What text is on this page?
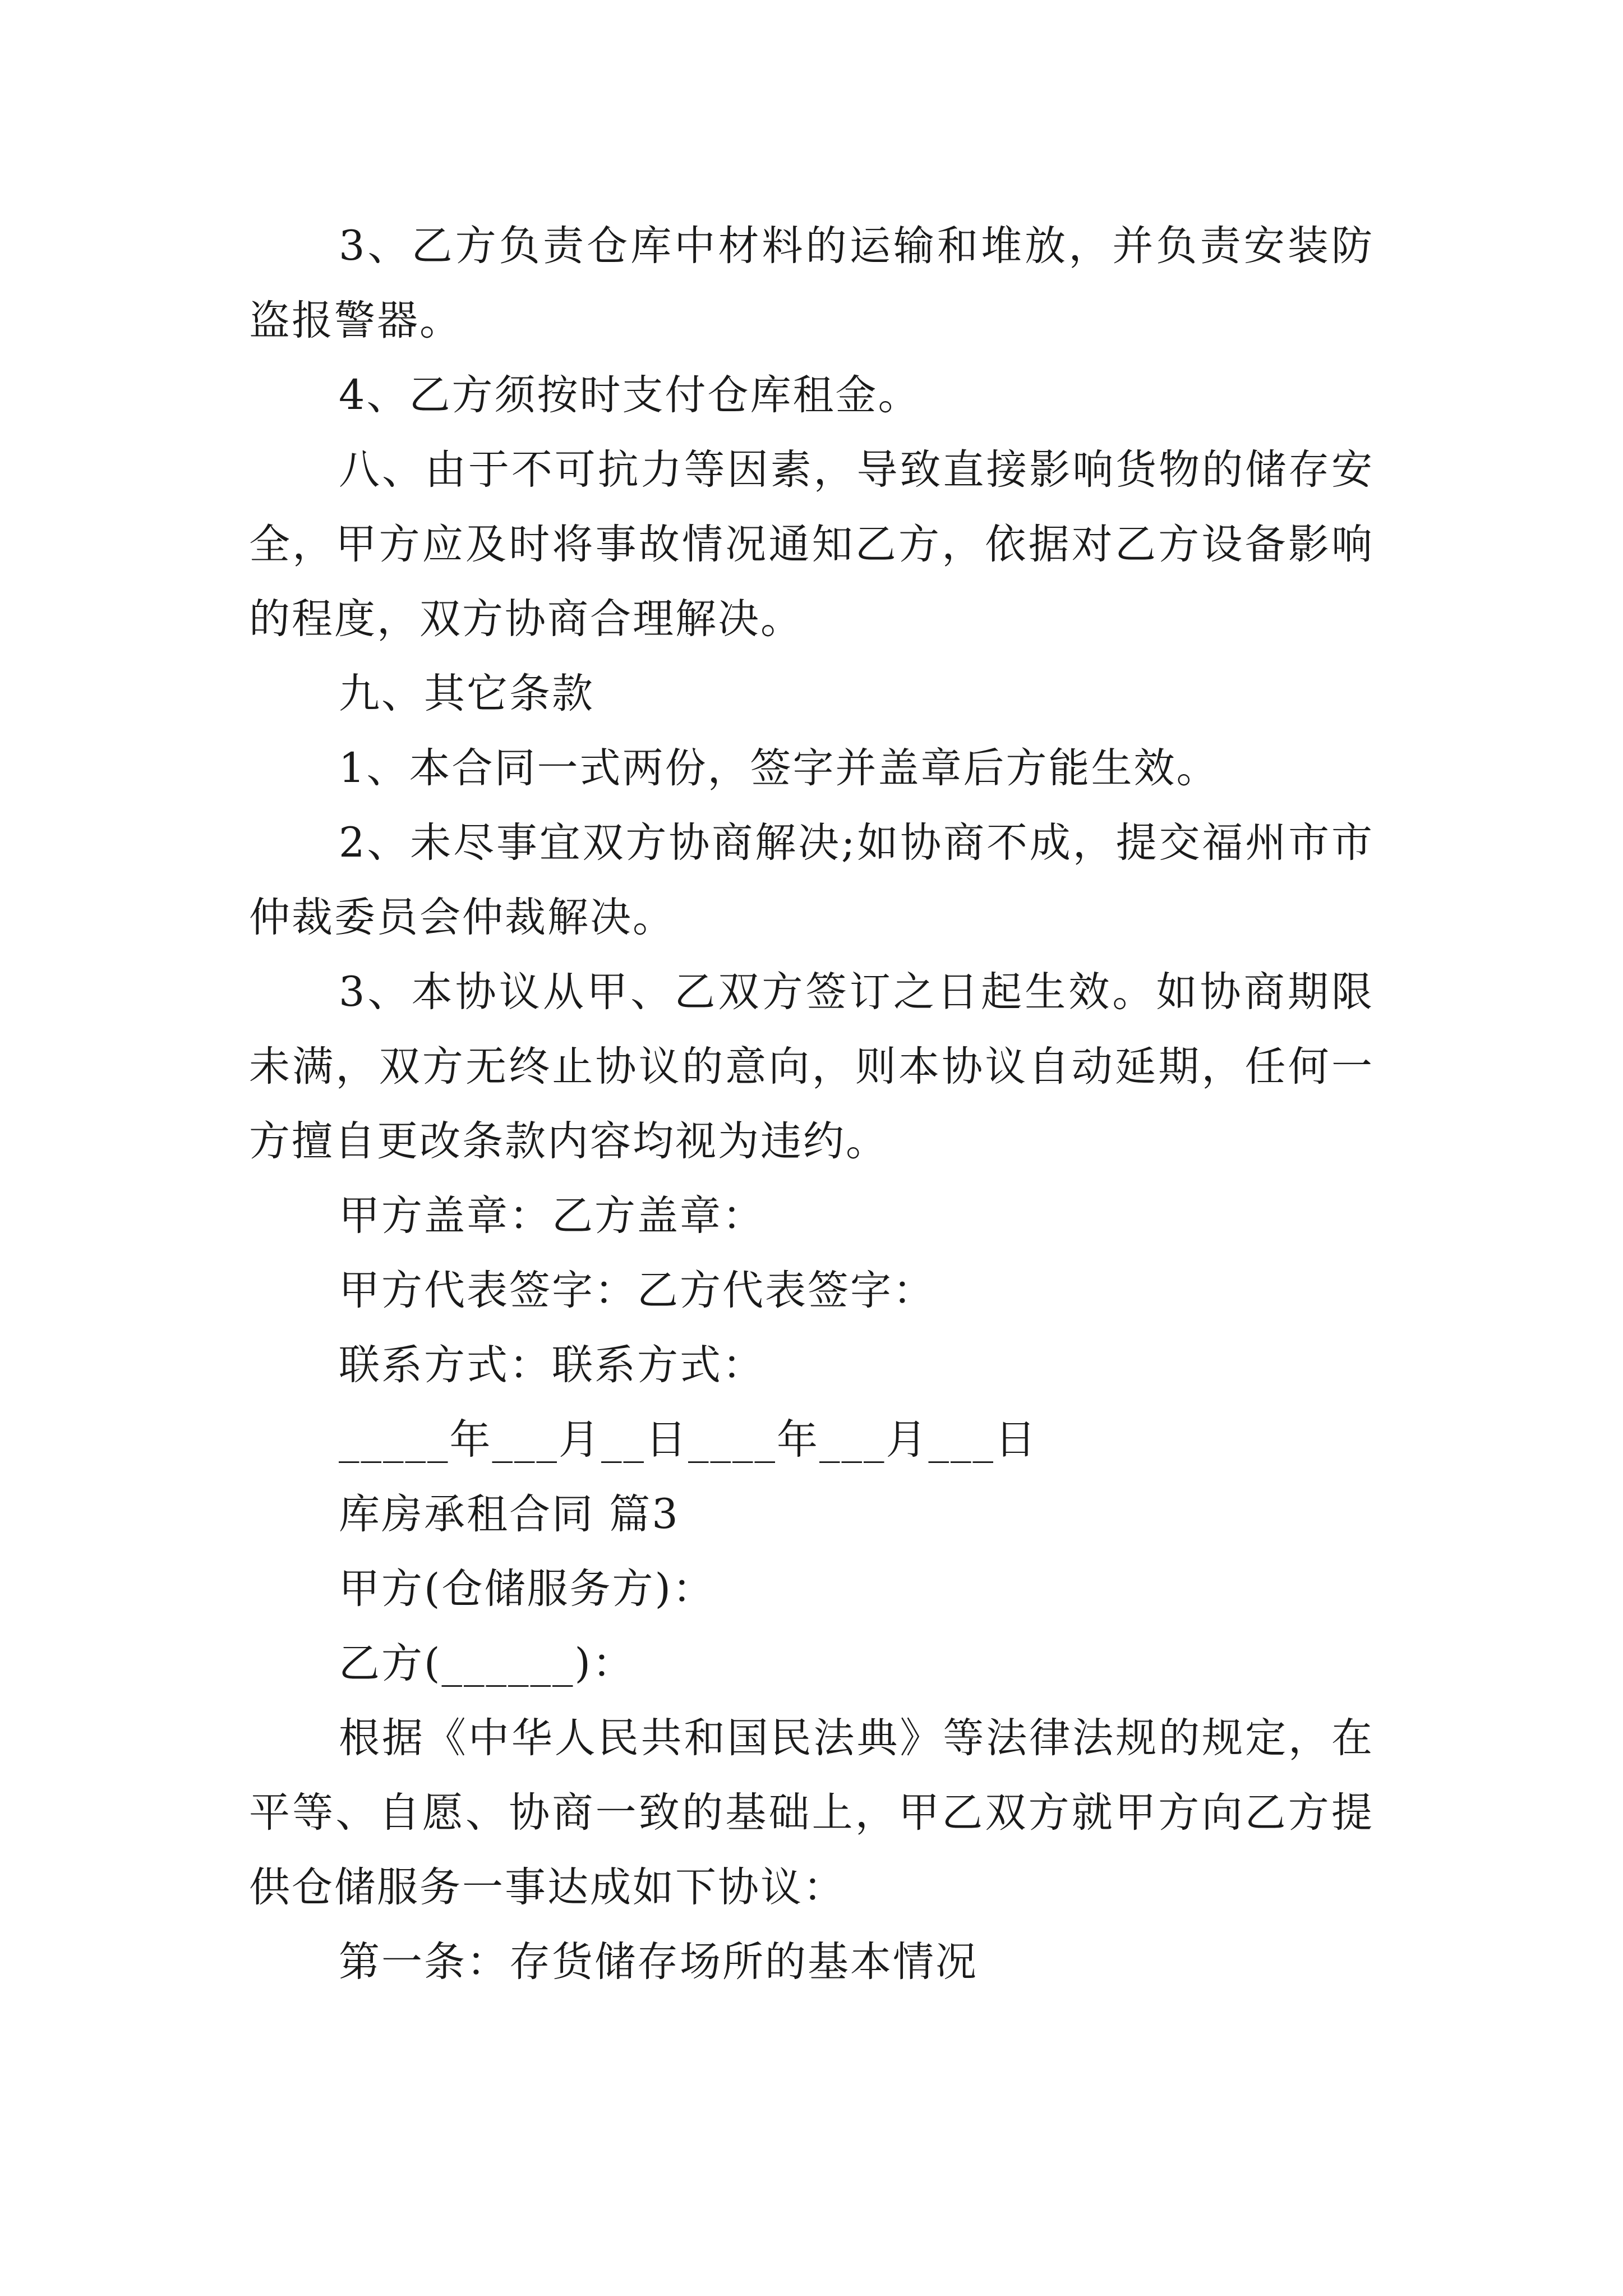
3、乙方负责仓库中材料的运输和堆放，并负责安装防盗报警器。

4、乙方须按时支付仓库租金。

八、由于不可抗力等因素，导致直接影响货物的储存安全，甲方应及时将事故情况通知乙方，依据对乙方设备影响的程度，双方协商合理解决。

九、其它条款

1、本合同一式两份，签字并盖章后方能生效。

2、未尽事宜双方协商解决;如协商不成，提交福州市市仲裁委员会仲裁解决。

3、本协议从甲、乙双方签订之日起生效。如协商期限未满，双方无终止协议的意向，则本协议自动延期，任何一方擅自更改条款内容均视为违约。

甲方盖章：乙方盖章：

甲方代表签字：乙方代表签字：

联系方式：联系方式：

_____年___月__日____年___月___日

库房承租合同 篇3

甲方(仓储服务方)：

乙方(______)：

根据《中华人民共和国民法典》等法律法规的规定，在平等、自愿、协商一致的基础上，甲乙双方就甲方向乙方提供仓储服务一事达成如下协议：

第一条：存货储存场所的基本情况
